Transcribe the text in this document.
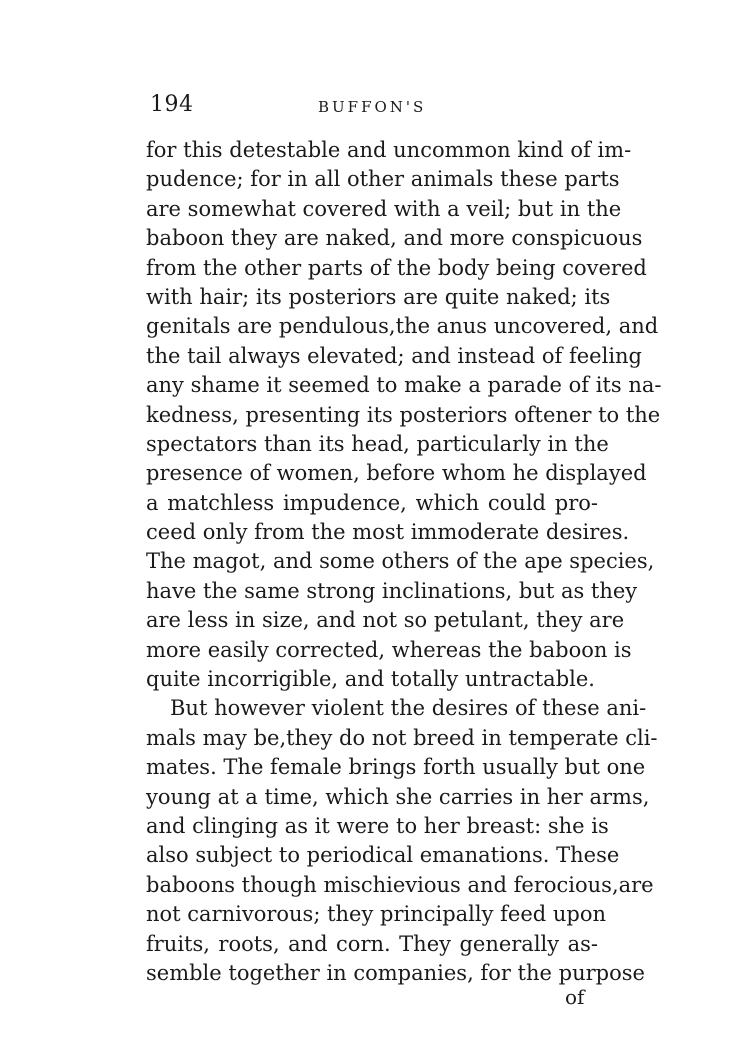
194	BUFFON'S
for this detestable and uncommon kind of im-
pudence; for in all other animals these parts
are somewhat covered with a veil; but in the
baboon they are naked, and more conspicuous
from the other parts of the body being covered
with hair; its posteriors are quite naked; its
genitals are pendulous,the anus uncovered, and
the tail always elevated; and instead of feeling
any shame it seemed to make a parade of its na-
kedness, presenting its posteriors oftener to the
spectators than its head, particularly in the
presence of women, before whom he displayed
a matchless impudence, which could pro-
ceed only from the most immoderate desires.
The magot, and some others of the ape species,
have the same strong inclinations, but as they
are less in size, and not so petulant, they are
more easily corrected, whereas the baboon is
quite incorrigible, and totally untractable.
But however violent the desires of these ani-
mals may be,they do not breed in temperate cli-
mates. The female brings forth usually but one
young at a time, which she carries in her arms,
and clinging as it were to her breast: she is
also subject to periodical emanations. These
baboons though mischievious and ferocious,are
not carnivorous; they principally feed upon
fruits, roots, and corn. They generally as-
semble together in companies, for the purpose
of
